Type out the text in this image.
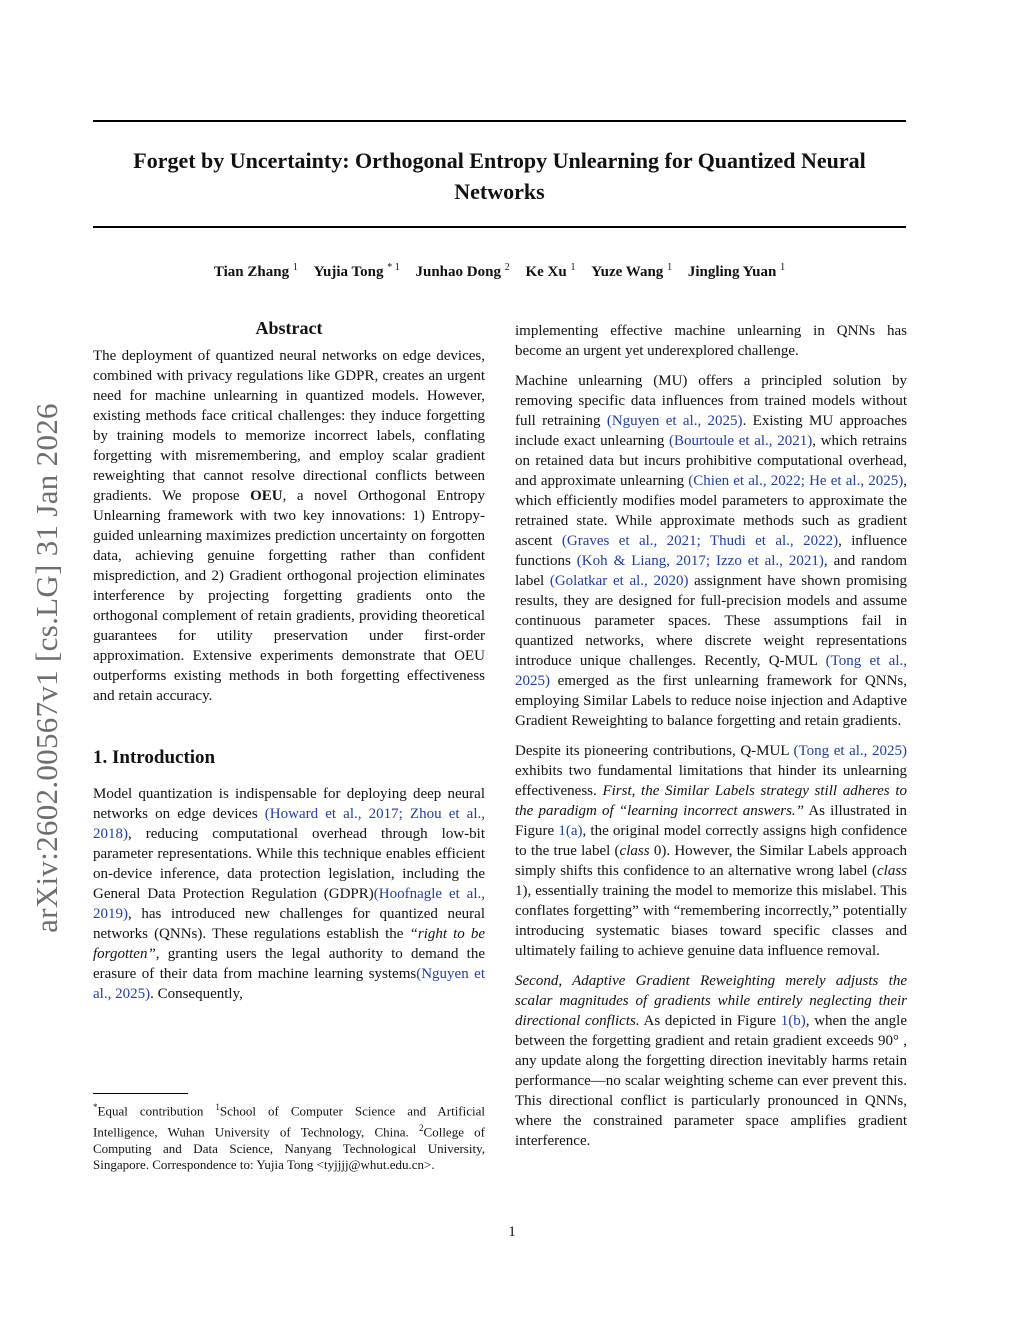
Forget by Uncertainty: Orthogonal Entropy Unlearning for Quantized Neural Networks
Tian Zhang $^1$ Yujia Tong $^{* 1}$ Junhao Dong $^2$ Ke Xu $^1$ Yuze Wang $^1$ Jingling Yuan $^1$
arXiv:2602.00567v1 [cs.LG] 31 Jan 2026
Abstract

The deployment of quantized neural networks on edge devices, combined with privacy regulations like GDPR, creates an urgent need for machine unlearning in quantized models. However, existing methods face critical challenges: they induce forgetting by training models to memorize incorrect labels, conflating forgetting with misremembering, and employ scalar gradient reweighting that cannot resolve directional conflicts between gradients. We propose OEU, a novel Orthogonal Entropy Unlearning framework with two key innovations: 1) Entropy-guided unlearning maximizes prediction uncertainty on forgotten data, achieving genuine forgetting rather than confident misprediction, and 2) Gradient orthogonal projection eliminates interference by projecting forgetting gradients onto the orthogonal complement of retain gradients, providing theoretical guarantees for utility preservation under first-order approximation. Extensive experiments demonstrate that OEU outperforms existing methods in both forgetting effectiveness and retain accuracy.

1. Introduction

Model quantization is indispensable for deploying deep neural networks on edge devices (Howard et al., 2017; Zhou et al., 2018), reducing computational overhead through low-bit parameter representations. While this technique enables efficient on-device inference, data protection legislation, including the General Data Protection Regulation (GDPR)(Hoofnagle et al., 2019), has introduced new challenges for quantized neural networks (QNNs). These regulations establish the “right to be forgotten”, granting users the legal authority to demand the erasure of their data from machine learning systems(Nguyen et al., 2025). Consequently,

*Equal contribution $^1$School of Computer Science and Artificial Intelligence, Wuhan University of Technology, China. $^2$College of Computing and Data Science, Nanyang Technological University, Singapore. Correspondence to: Yujia Tong <tyjjjj@whut.edu.cn>.

implementing effective machine unlearning in QNNs has become an urgent yet underexplored challenge.

Machine unlearning (MU) offers a principled solution by removing specific data influences from trained models without full retraining (Nguyen et al., 2025). Existing MU approaches include exact unlearning (Bourtoule et al., 2021), which retrains on retained data but incurs prohibitive computational overhead, and approximate unlearning (Chien et al., 2022; He et al., 2025), which efficiently modifies model parameters to approximate the retrained state. While approximate methods such as gradient ascent (Graves et al., 2021; Thudi et al., 2022), influence functions (Koh & Liang, 2017; Izzo et al., 2021), and random label (Golatkar et al., 2020) assignment have shown promising results, they are designed for full-precision models and assume continuous parameter spaces. These assumptions fail in quantized networks, where discrete weight representations introduce unique challenges. Recently, Q-MUL (Tong et al., 2025) emerged as the first unlearning framework for QNNs, employing Similar Labels to reduce noise injection and Adaptive Gradient Reweighting to balance forgetting and retain gradients.

Despite its pioneering contributions, Q-MUL (Tong et al., 2025) exhibits two fundamental limitations that hinder its unlearning effectiveness. First, the Similar Labels strategy still adheres to the paradigm of “learning incorrect answers.” As illustrated in Figure 1(a), the original model correctly assigns high confidence to the true label (class 0). However, the Similar Labels approach simply shifts this confidence to an alternative wrong label (class 1), essentially training the model to memorize this mislabel. This conflates forgetting” with “remembering incorrectly,” potentially introducing systematic biases toward specific classes and ultimately failing to achieve genuine data influence removal.

Second, Adaptive Gradient Reweighting merely adjusts the scalar magnitudes of gradients while entirely neglecting their directional conflicts. As depicted in Figure 1(b), when the angle between the forgetting gradient and retain gradient exceeds 90° , any update along the forgetting direction inevitably harms retain performance—no scalar weighting scheme can ever prevent this. This directional conflict is particularly pronounced in QNNs, where the constrained parameter space amplifies gradient interference.

1
